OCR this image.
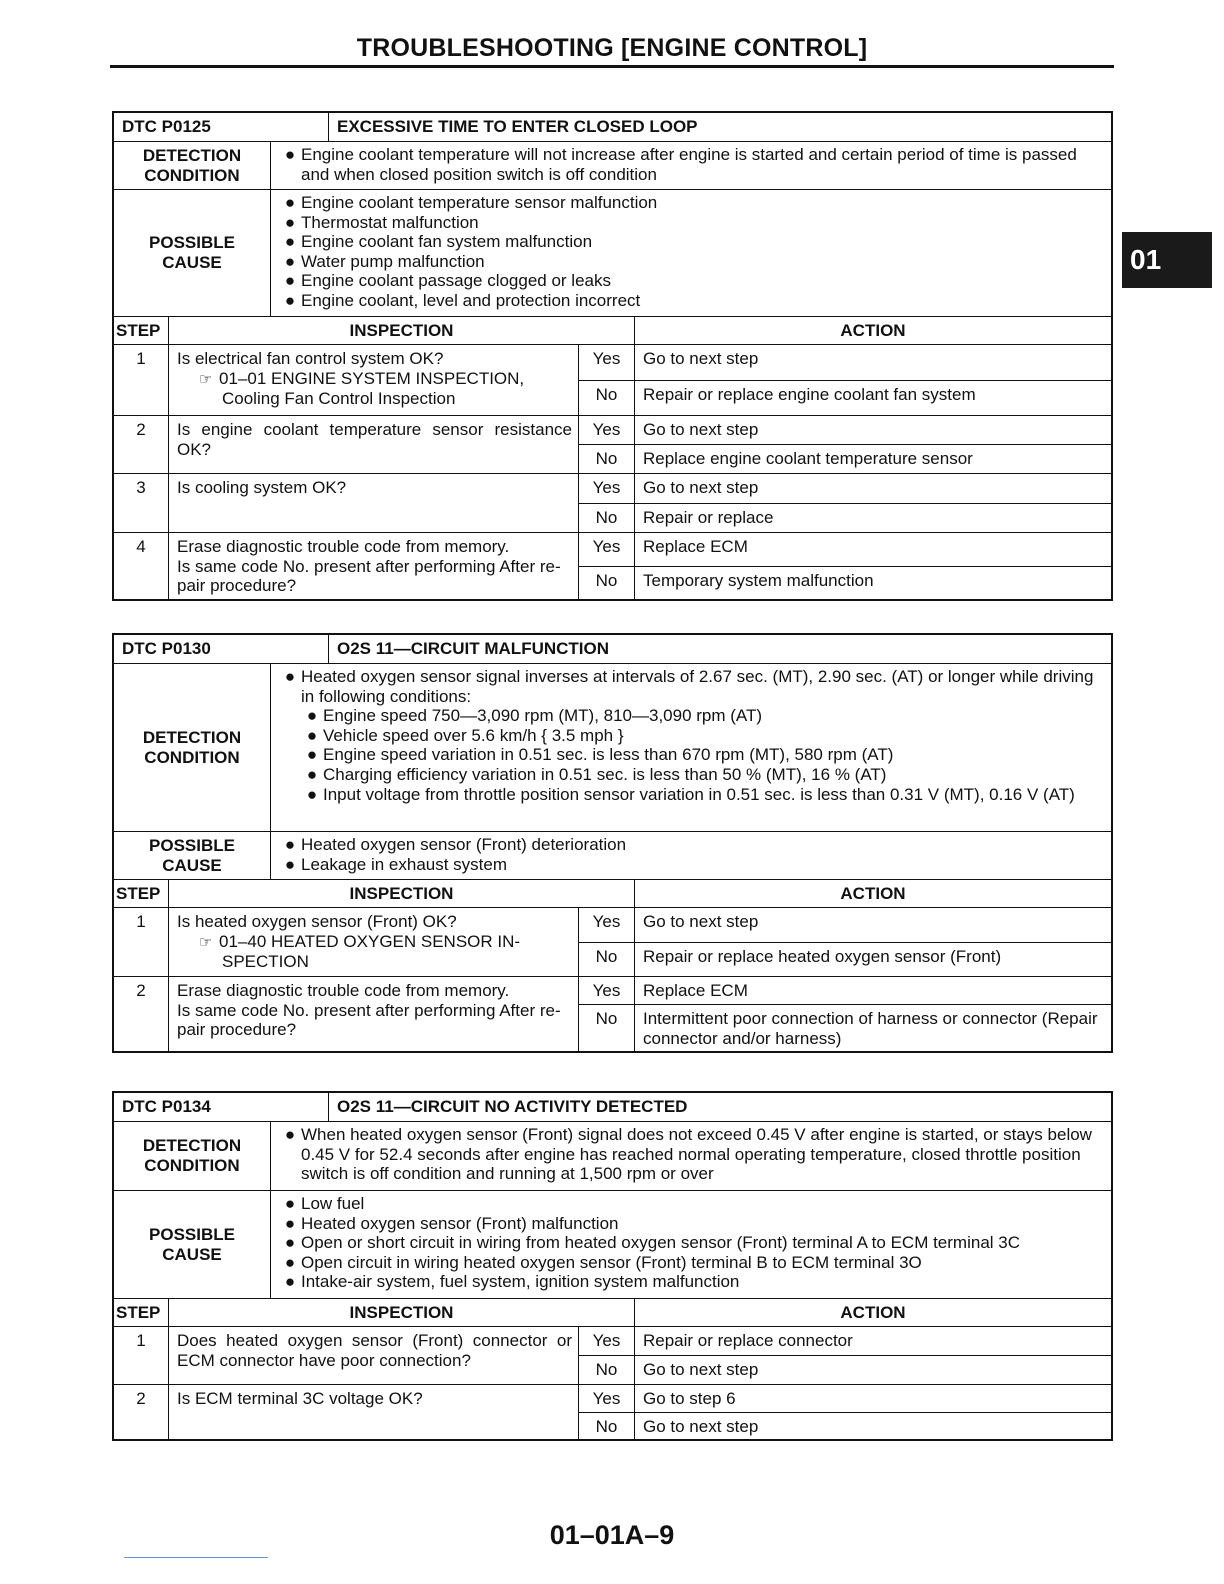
TROUBLESHOOTING [ENGINE CONTROL]
01
DTC P0125	EXCESSIVE TIME TO ENTER CLOSED LOOP
DETECTION
CONDITION
● Engine coolant temperature will not increase after engine is started and certain period of time is passed and when closed position switch is off condition
POSSIBLE
CAUSE
● Engine coolant temperature sensor malfunction
● Thermostat malfunction
● Engine coolant fan system malfunction
● Water pump malfunction
● Engine coolant passage clogged or leaks
● Engine coolant, level and protection incorrect
STEP	INSPECTION	ACTION
1	Is electrical fan control system OK?
☞ 01–01 ENGINE SYSTEM INSPECTION,
Cooling Fan Control Inspection
Yes	Go to next step
No	Repair or replace engine coolant fan system
2	Is engine coolant temperature sensor resistance
OK?
Yes	Go to next step
No	Replace engine coolant temperature sensor
3	Is cooling system OK?	Yes	Go to next step
No	Repair or replace
4	Erase diagnostic trouble code from memory.
Is same code No. present after performing After re-
pair procedure?
Yes	Replace ECM
No	Temporary system malfunction
DTC P0130	O2S 11—CIRCUIT MALFUNCTION
DETECTION
CONDITION
● Heated oxygen sensor signal inverses at intervals of 2.67 sec. (MT), 2.90 sec. (AT) or longer while driving in following conditions:
● Engine speed 750—3,090 rpm (MT), 810—3,090 rpm (AT)
● Vehicle speed over 5.6 km/h { 3.5 mph }
● Engine speed variation in 0.51 sec. is less than 670 rpm (MT), 580 rpm (AT)
● Charging efficiency variation in 0.51 sec. is less than 50 % (MT), 16 % (AT)
● Input voltage from throttle position sensor variation in 0.51 sec. is less than 0.31 V (MT), 0.16 V (AT)
POSSIBLE
CAUSE
● Heated oxygen sensor (Front) deterioration
● Leakage in exhaust system
STEP	INSPECTION	ACTION
1	Is heated oxygen sensor (Front) OK?
☞ 01–40 HEATED OXYGEN SENSOR IN-
SPECTION
Yes	Go to next step
No	Repair or replace heated oxygen sensor (Front)
2	Erase diagnostic trouble code from memory.
Is same code No. present after performing After re-
pair procedure?
Yes	Replace ECM
No	Intermittent poor connection of harness or connector (Repair connector and/or harness)
DTC P0134	O2S 11—CIRCUIT NO ACTIVITY DETECTED
DETECTION
CONDITION
● When heated oxygen sensor (Front) signal does not exceed 0.45 V after engine is started, or stays below 0.45 V for 52.4 seconds after engine has reached normal operating temperature, closed throttle position switch is off condition and running at 1,500 rpm or over
POSSIBLE
CAUSE
● Low fuel
● Heated oxygen sensor (Front) malfunction
● Open or short circuit in wiring from heated oxygen sensor (Front) terminal A to ECM terminal 3C
● Open circuit in wiring heated oxygen sensor (Front) terminal B to ECM terminal 3O
● Intake-air system, fuel system, ignition system malfunction
STEP	INSPECTION	ACTION
1	Does heated oxygen sensor (Front) connector or
ECM connector have poor connection?
Yes	Repair or replace connector
No	Go to next step
2	Is ECM terminal 3C voltage OK?	Yes	Go to step 6
No	Go to next step
01–01A–9
